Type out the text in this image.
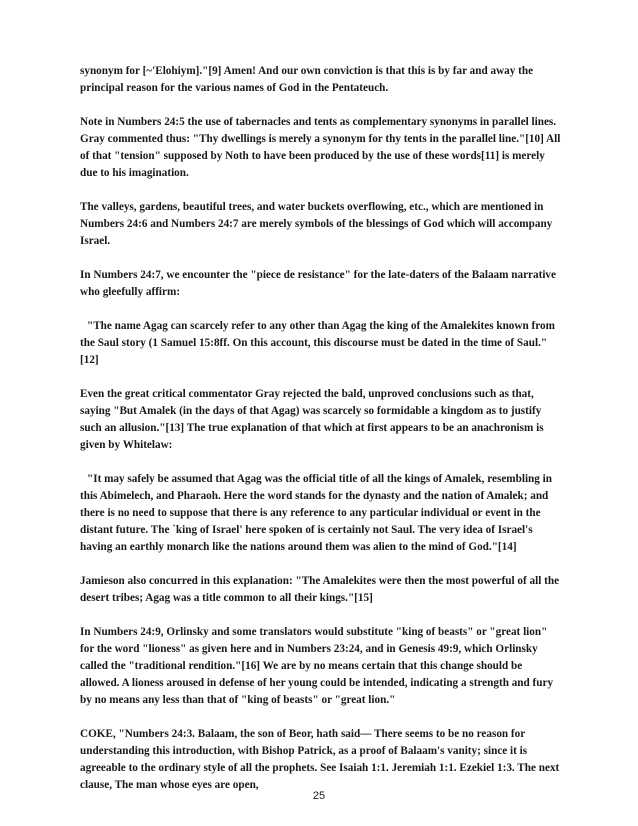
synonym for [~'Elohiym]."[9] Amen! And our own conviction is that this is by far and away the principal reason for the various names of God in the Pentateuch.

Note in Numbers 24:5 the use of tabernacles and tents as complementary synonyms in parallel lines. Gray commented thus: "Thy dwellings is merely a synonym for thy tents in the parallel line."[10] All of that "tension" supposed by Noth to have been produced by the use of these words[11] is merely due to his imagination.

The valleys, gardens, beautiful trees, and water buckets overflowing, etc., which are mentioned in Numbers 24:6 and Numbers 24:7 are merely symbols of the blessings of God which will accompany Israel.

In Numbers 24:7, we encounter the "piece de resistance" for the late-daters of the Balaam narrative who gleefully affirm:

"The name Agag can scarcely refer to any other than Agag the king of the Amalekites known from the Saul story (1 Samuel 15:8ff. On this account, this discourse must be dated in the time of Saul."[12]

Even the great critical commentator Gray rejected the bald, unproved conclusions such as that, saying "But Amalek (in the days of that Agag) was scarcely so formidable a kingdom as to justify such an allusion."[13] The true explanation of that which at first appears to be an anachronism is given by Whitelaw:

"It may safely be assumed that Agag was the official title of all the kings of Amalek, resembling in this Abimelech, and Pharaoh. Here the word stands for the dynasty and the nation of Amalek; and there is no need to suppose that there is any reference to any particular individual or event in the distant future. The `king of Israel' here spoken of is certainly not Saul. The very idea of Israel's having an earthly monarch like the nations around them was alien to the mind of God."[14]

Jamieson also concurred in this explanation: "The Amalekites were then the most powerful of all the desert tribes; Agag was a title common to all their kings."[15]

In Numbers 24:9, Orlinsky and some translators would substitute "king of beasts" or "great lion" for the word "lioness" as given here and in Numbers 23:24, and in Genesis 49:9, which Orlinsky called the "traditional rendition."[16] We are by no means certain that this change should be allowed. A lioness aroused in defense of her young could be intended, indicating a strength and fury by no means any less than that of "king of beasts" or "great lion."

COKE, "Numbers 24:3. Balaam, the son of Beor, hath said— There seems to be no reason for understanding this introduction, with Bishop Patrick, as a proof of Balaam's vanity; since it is agreeable to the ordinary style of all the prophets. See Isaiah 1:1. Jeremiah 1:1. Ezekiel 1:3. The next clause, The man whose eyes are open,

25
